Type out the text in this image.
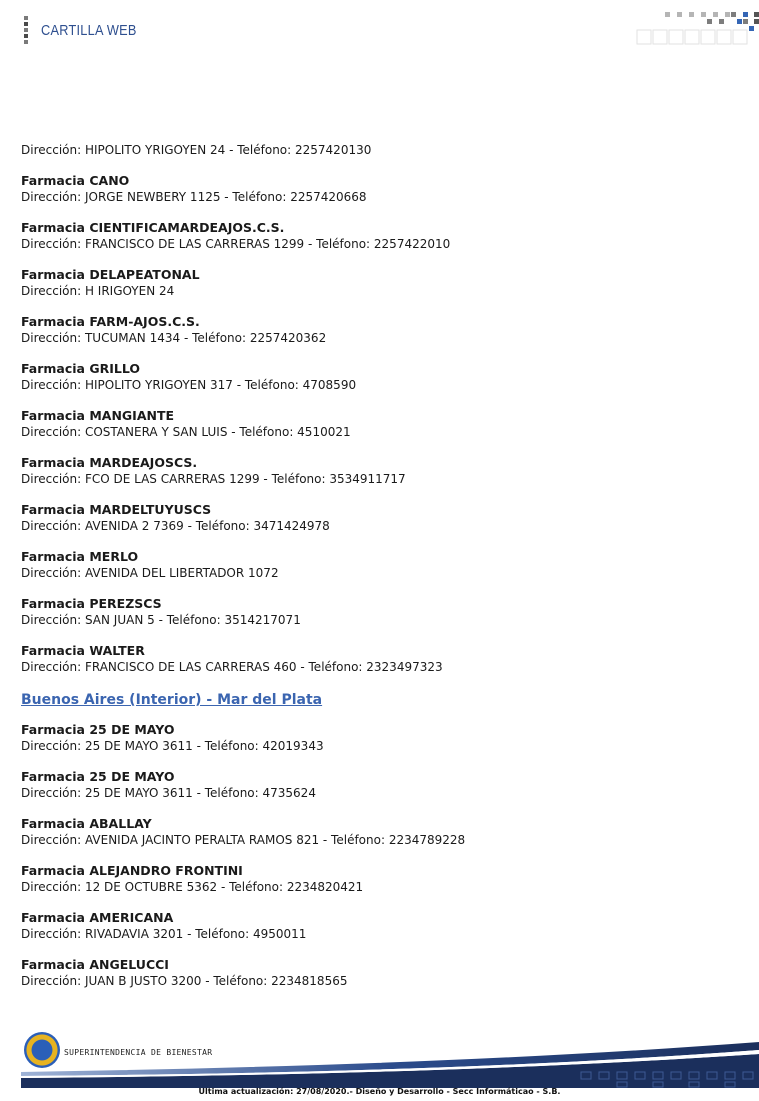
CARTILLA WEB
Dirección: HIPOLITO YRIGOYEN 24 - Teléfono: 2257420130
Farmacia CANO
Dirección: JORGE NEWBERY 1125 - Teléfono: 2257420668
Farmacia CIENTIFICAMARDEAJOS.C.S.
Dirección: FRANCISCO DE LAS CARRERAS 1299 - Teléfono: 2257422010
Farmacia DELAPEATONAL
Dirección: H IRIGOYEN 24
Farmacia FARM-AJOS.C.S.
Dirección: TUCUMAN 1434 - Teléfono: 2257420362
Farmacia GRILLO
Dirección: HIPOLITO YRIGOYEN 317 - Teléfono: 4708590
Farmacia MANGIANTE
Dirección: COSTANERA Y SAN LUIS - Teléfono: 4510021
Farmacia MARDEAJOSCS.
Dirección: FCO DE LAS CARRERAS 1299 - Teléfono: 3534911717
Farmacia MARDELTUYUSCS
Dirección: AVENIDA 2 7369 - Teléfono: 3471424978
Farmacia MERLO
Dirección: AVENIDA DEL LIBERTADOR 1072
Farmacia PEREZSCS
Dirección: SAN JUAN 5 - Teléfono: 3514217071
Farmacia WALTER
Dirección: FRANCISCO DE LAS CARRERAS 460 - Teléfono: 2323497323
Buenos Aires (Interior) - Mar del Plata
Farmacia 25 DE MAYO
Dirección: 25 DE MAYO 3611 - Teléfono: 42019343
Farmacia 25 DE MAYO
Dirección: 25 DE MAYO 3611 - Teléfono: 4735624
Farmacia ABALLAY
Dirección: AVENIDA JACINTO PERALTA RAMOS 821 - Teléfono: 2234789228
Farmacia ALEJANDRO FRONTINI
Dirección: 12 DE OCTUBRE 5362 - Teléfono: 2234820421
Farmacia AMERICANA
Dirección: RIVADAVIA 3201 - Teléfono: 4950011
Farmacia ANGELUCCI
Dirección: JUAN B JUSTO 3200 - Teléfono: 2234818565
SUPERINTENDENCIA DE BIENESTAR
Ultima actualización: 27/08/2020.- Diseño y Desarrollo - Secc Informáticao - S.B.
